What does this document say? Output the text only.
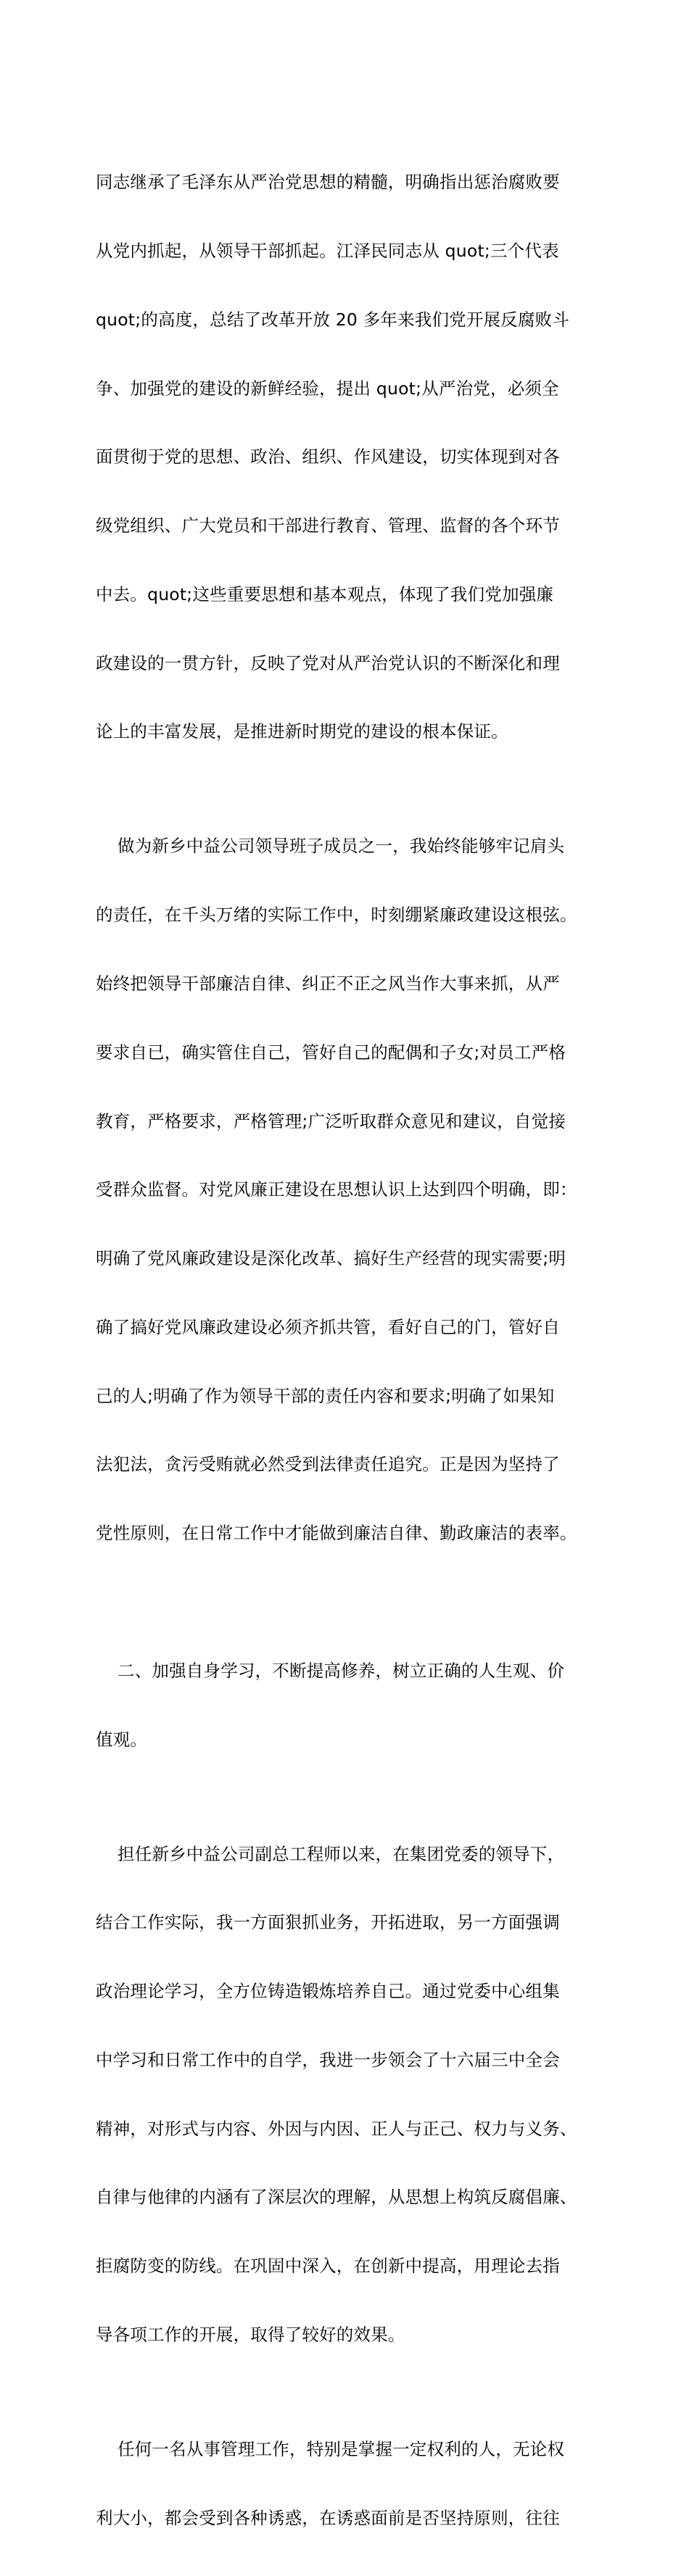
同志继承了毛泽东从严治党思想的精髓，明确指出惩治腐败要

从党内抓起，从领导干部抓起。江泽民同志从 quot;三个代表

quot;的高度，总结了改革开放 20 多年来我们党开展反腐败斗

争、加强党的建设的新鲜经验，提出 quot;从严治党，必须全

面贯彻于党的思想、政治、组织、作风建设，切实体现到对各

级党组织、广大党员和干部进行教育、管理、监督的各个环节

中去。quot;这些重要思想和基本观点，体现了我们党加强廉

政建设的一贯方针，反映了党对从严治党认识的不断深化和理

论上的丰富发展，是推进新时期党的建设的根本保证。

做为新乡中益公司领导班子成员之一，我始终能够牢记肩头

的责任，在千头万绪的实际工作中，时刻绷紧廉政建设这根弦。

始终把领导干部廉洁自律、纠正不正之风当作大事来抓，从严

要求自已，确实管住自己，管好自己的配偶和子女;对员工严格

教育，严格要求，严格管理;广泛听取群众意见和建议，自觉接

受群众监督。对党风廉正建设在思想认识上达到四个明确，即：

明确了党风廉政建设是深化改革、搞好生产经营的现实需要;明

确了搞好党风廉政建设必须齐抓共管，看好自己的门，管好自

己的人;明确了作为领导干部的责任内容和要求;明确了如果知

法犯法，贪污受贿就必然受到法律责任追究。正是因为坚持了

党性原则，在日常工作中才能做到廉洁自律、勤政廉洁的表率。

二、加强自身学习，不断提高修养，树立正确的人生观、价

值观。

担任新乡中益公司副总工程师以来，在集团党委的领导下，

结合工作实际，我一方面狠抓业务，开拓进取，另一方面强调

政治理论学习，全方位铸造锻炼培养自己。通过党委中心组集

中学习和日常工作中的自学，我进一步领会了十六届三中全会

精神，对形式与内容、外因与内因、正人与正己、权力与义务、

自律与他律的内涵有了深层次的理解，从思想上构筑反腐倡廉、

拒腐防变的防线。在巩固中深入，在创新中提高，用理论去指

导各项工作的开展，取得了较好的效果。

任何一名从事管理工作，特别是掌握一定权利的人，无论权

利大小，都会受到各种诱惑，在诱惑面前是否坚持原则，往往
